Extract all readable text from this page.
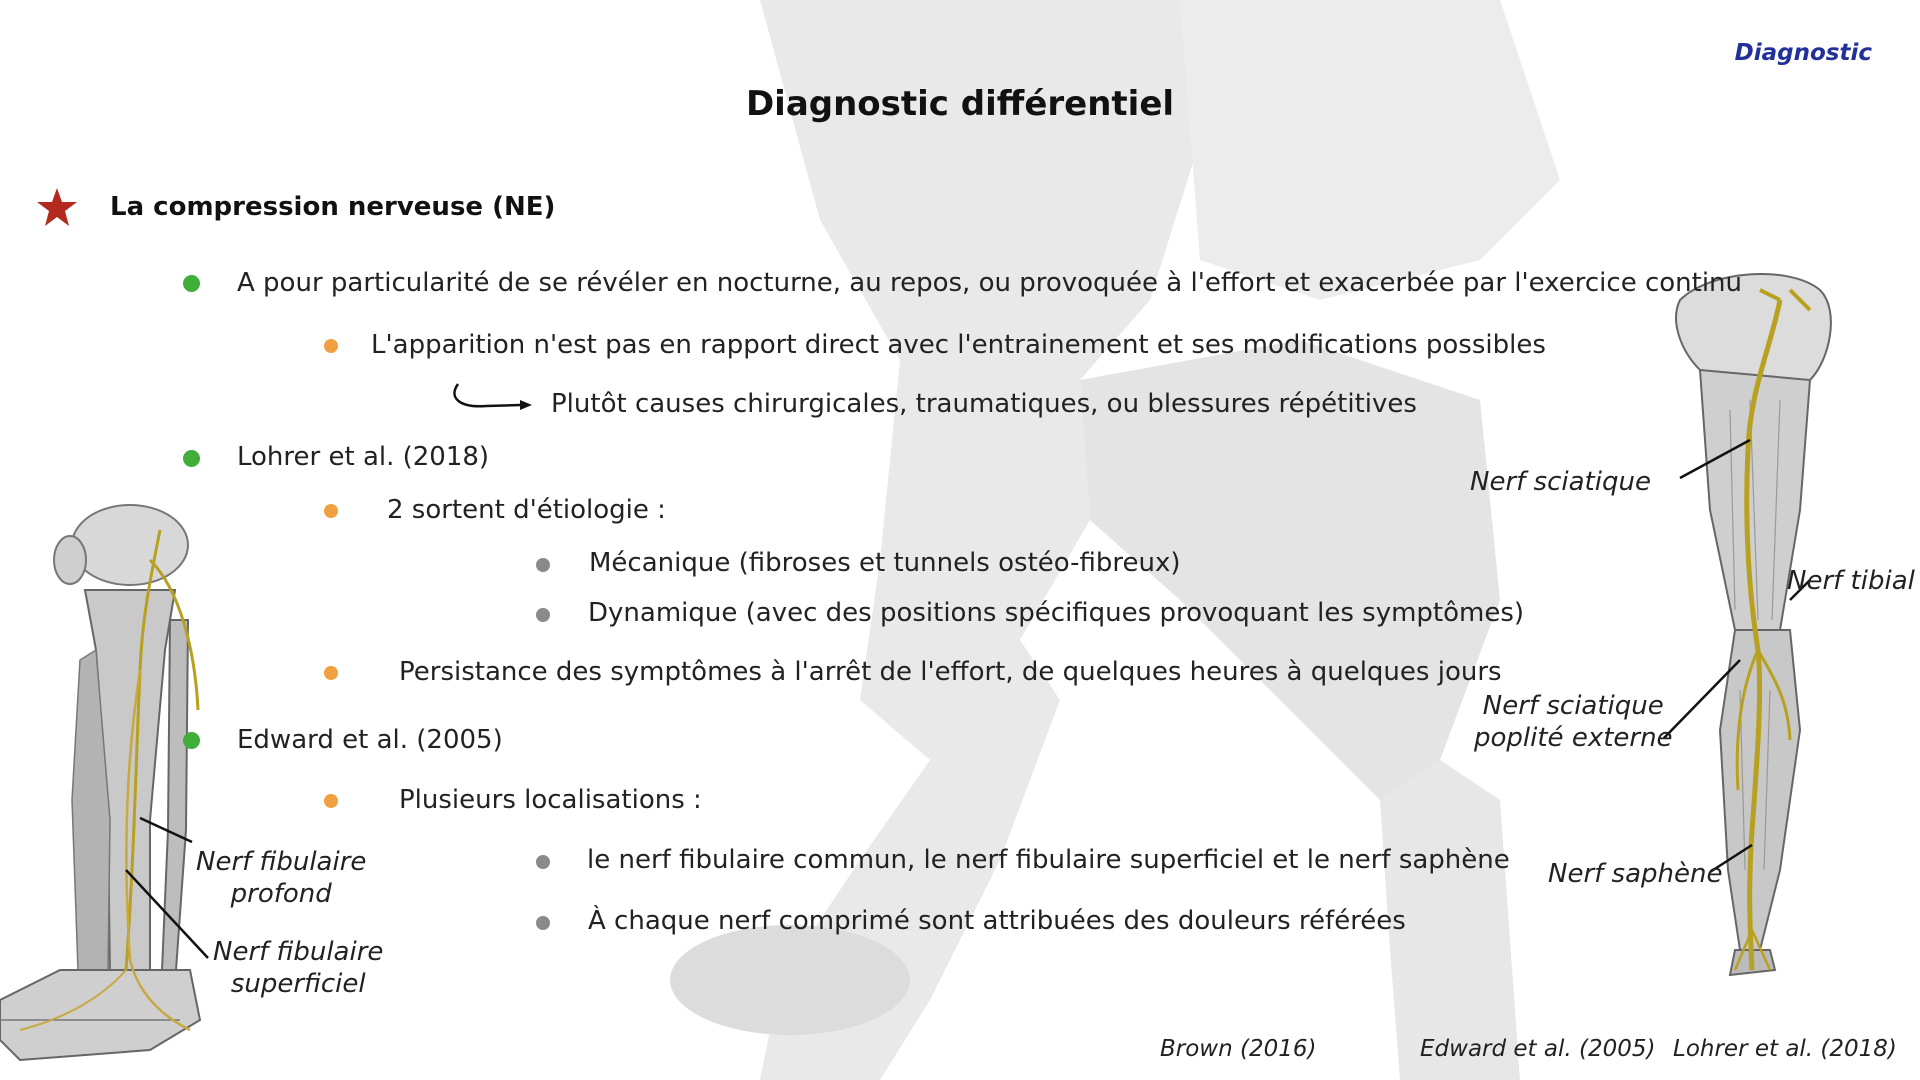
Diagnostic
Diagnostic différentiel
La compression nerveuse (NE)
A pour particularité de se révéler en nocturne, au repos, ou provoquée à l'effort et exacerbée par l'exercice continu
L'apparition n'est pas en rapport direct avec l'entrainement et ses modifications possibles
Plutôt causes chirurgicales, traumatiques, ou blessures répétitives
Lohrer et al. (2018)
2 sortent d'étiologie :
Mécanique (fibroses et tunnels ostéo-fibreux)
Dynamique (avec des positions spécifiques provoquant les symptômes)
Persistance des symptômes à l'arrêt de l'effort, de quelques heures à quelques jours
Edward et al. (2005)
Plusieurs localisations :
le nerf fibulaire commun, le nerf fibulaire superficiel et le nerf saphène
À chaque nerf comprimé sont attribuées des douleurs référées
Nerf fibulaire
profond
Nerf fibulaire
superficiel
Nerf sciatique
Nerf tibial
Nerf sciatique
poplité externe
Nerf saphène
Brown (2016)	Edward et al. (2005) Lohrer et al. (2018)
